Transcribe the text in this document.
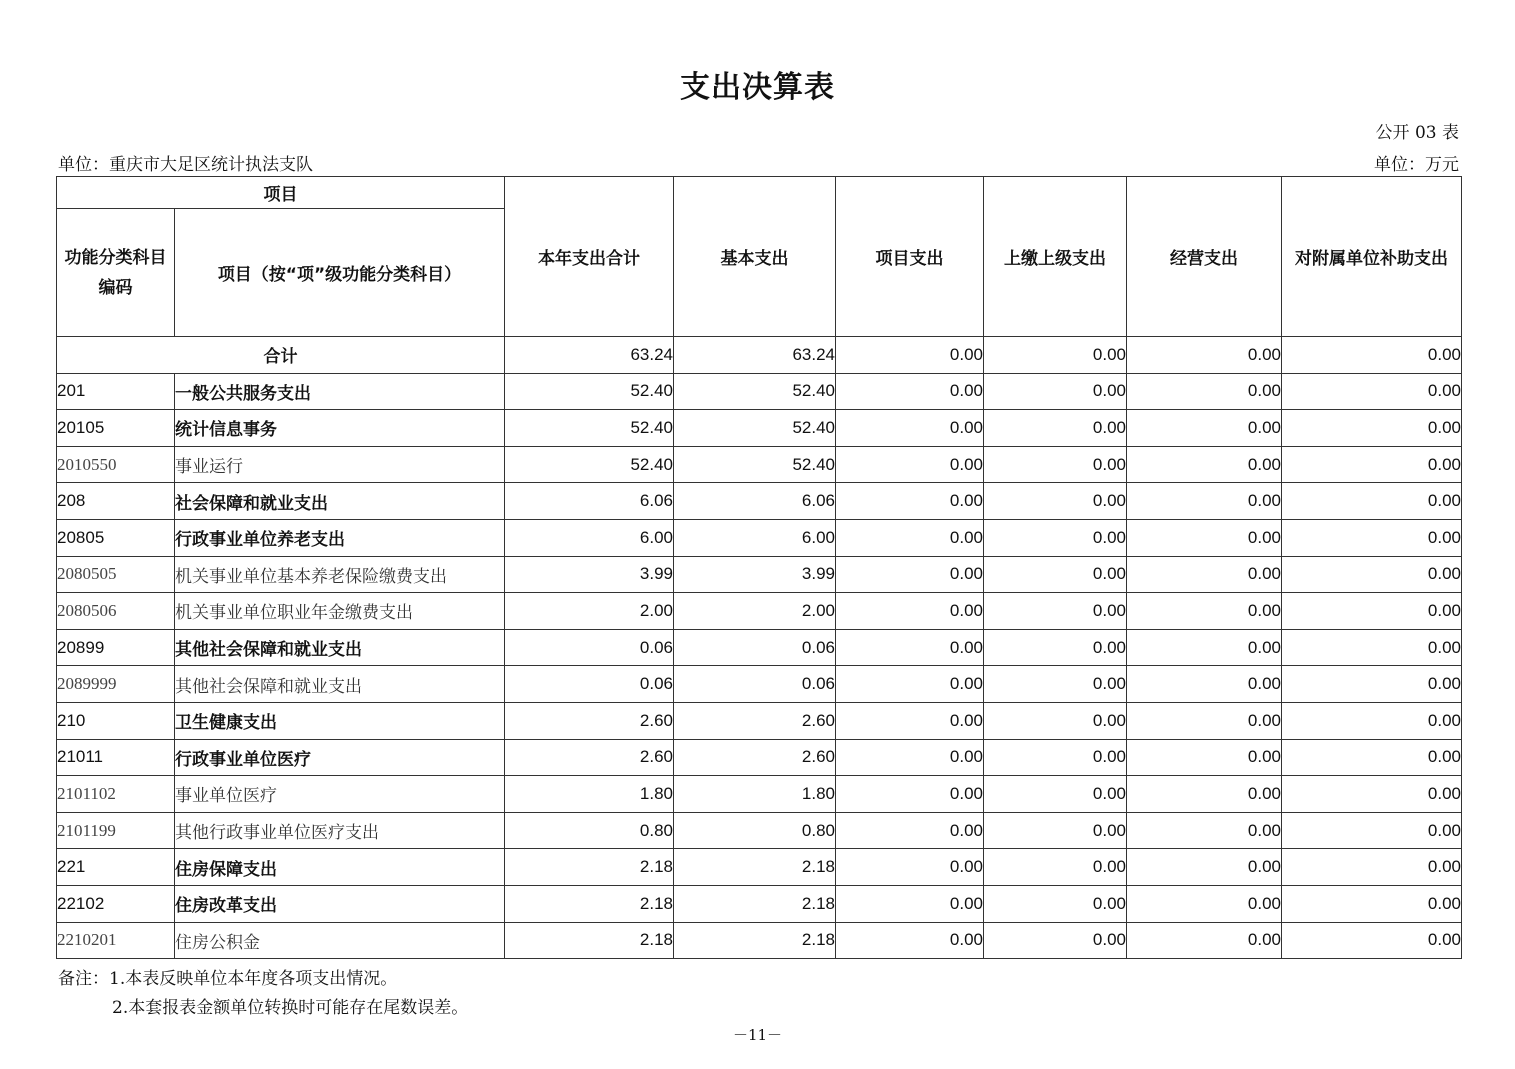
支出决算表
公开 03 表
单位：重庆市大足区统计执法支队	单位：万元
项目		本年支出合计	基本支出	项目支出	上缴上级支出	经营支出	对附属单位补助支出
功能分类科目编码	项目（按“项”级功能分类科目）						
合计		63.24	63.24	0.00	0.00	0.00	0.00
201	一般公共服务支出	52.40	52.40	0.00	0.00	0.00	0.00
20105	统计信息事务	52.40	52.40	0.00	0.00	0.00	0.00
2010550	事业运行	52.40	52.40	0.00	0.00	0.00	0.00
208	社会保障和就业支出	6.06	6.06	0.00	0.00	0.00	0.00
20805	行政事业单位养老支出	6.00	6.00	0.00	0.00	0.00	0.00
2080505	机关事业单位基本养老保险缴费支出	3.99	3.99	0.00	0.00	0.00	0.00
2080506	机关事业单位职业年金缴费支出	2.00	2.00	0.00	0.00	0.00	0.00
20899	其他社会保障和就业支出	0.06	0.06	0.00	0.00	0.00	0.00
2089999	其他社会保障和就业支出	0.06	0.06	0.00	0.00	0.00	0.00
210	卫生健康支出	2.60	2.60	0.00	0.00	0.00	0.00
21011	行政事业单位医疗	2.60	2.60	0.00	0.00	0.00	0.00
2101102	事业单位医疗	1.80	1.80	0.00	0.00	0.00	0.00
2101199	其他行政事业单位医疗支出	0.80	0.80	0.00	0.00	0.00	0.00
221	住房保障支出	2.18	2.18	0.00	0.00	0.00	0.00
22102	住房改革支出	2.18	2.18	0.00	0.00	0.00	0.00
2210201	住房公积金	2.18	2.18	0.00	0.00	0.00	0.00
备注：1.本表反映单位本年度各项支出情况。
2.本套报表金额单位转换时可能存在尾数误差。
－11－
